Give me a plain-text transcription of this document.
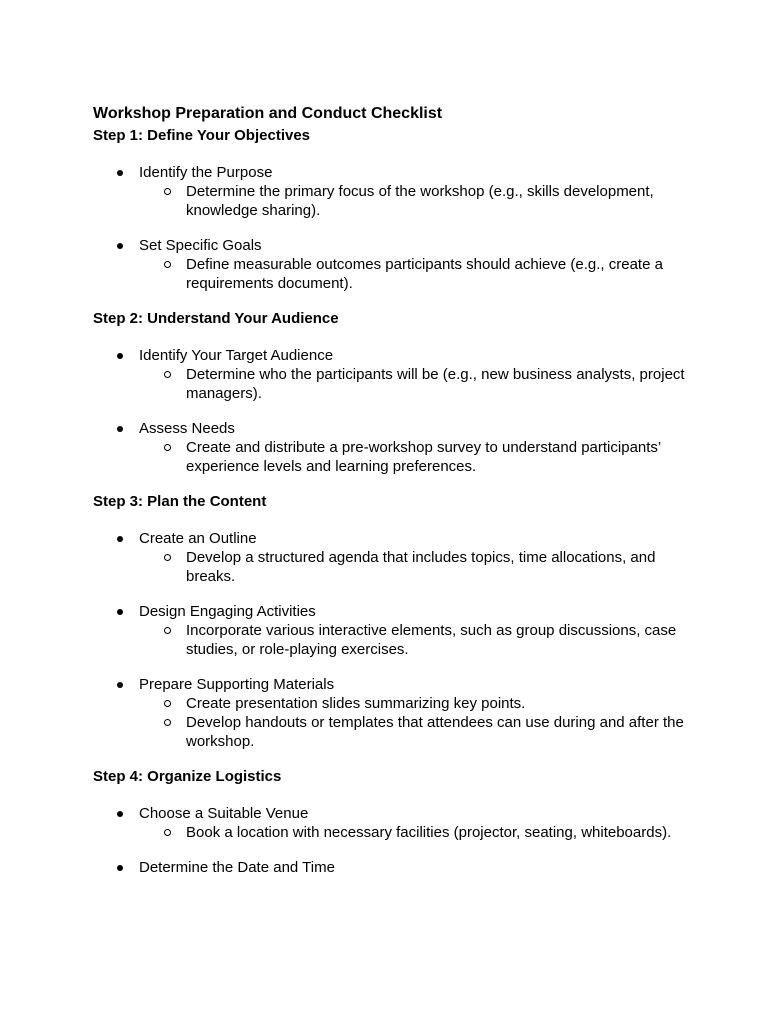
Workshop Preparation and Conduct Checklist
Step 1: Define Your Objectives
Identify the Purpose
Determine the primary focus of the workshop (e.g., skills development, knowledge sharing).
Set Specific Goals
Define measurable outcomes participants should achieve (e.g., create a requirements document).
Step 2: Understand Your Audience
Identify Your Target Audience
Determine who the participants will be (e.g., new business analysts, project managers).
Assess Needs
Create and distribute a pre-workshop survey to understand participants’ experience levels and learning preferences.
Step 3: Plan the Content
Create an Outline
Develop a structured agenda that includes topics, time allocations, and breaks.
Design Engaging Activities
Incorporate various interactive elements, such as group discussions, case studies, or role-playing exercises.
Prepare Supporting Materials
Create presentation slides summarizing key points.
Develop handouts or templates that attendees can use during and after the workshop.
Step 4: Organize Logistics
Choose a Suitable Venue
Book a location with necessary facilities (projector, seating, whiteboards).
Determine the Date and Time
